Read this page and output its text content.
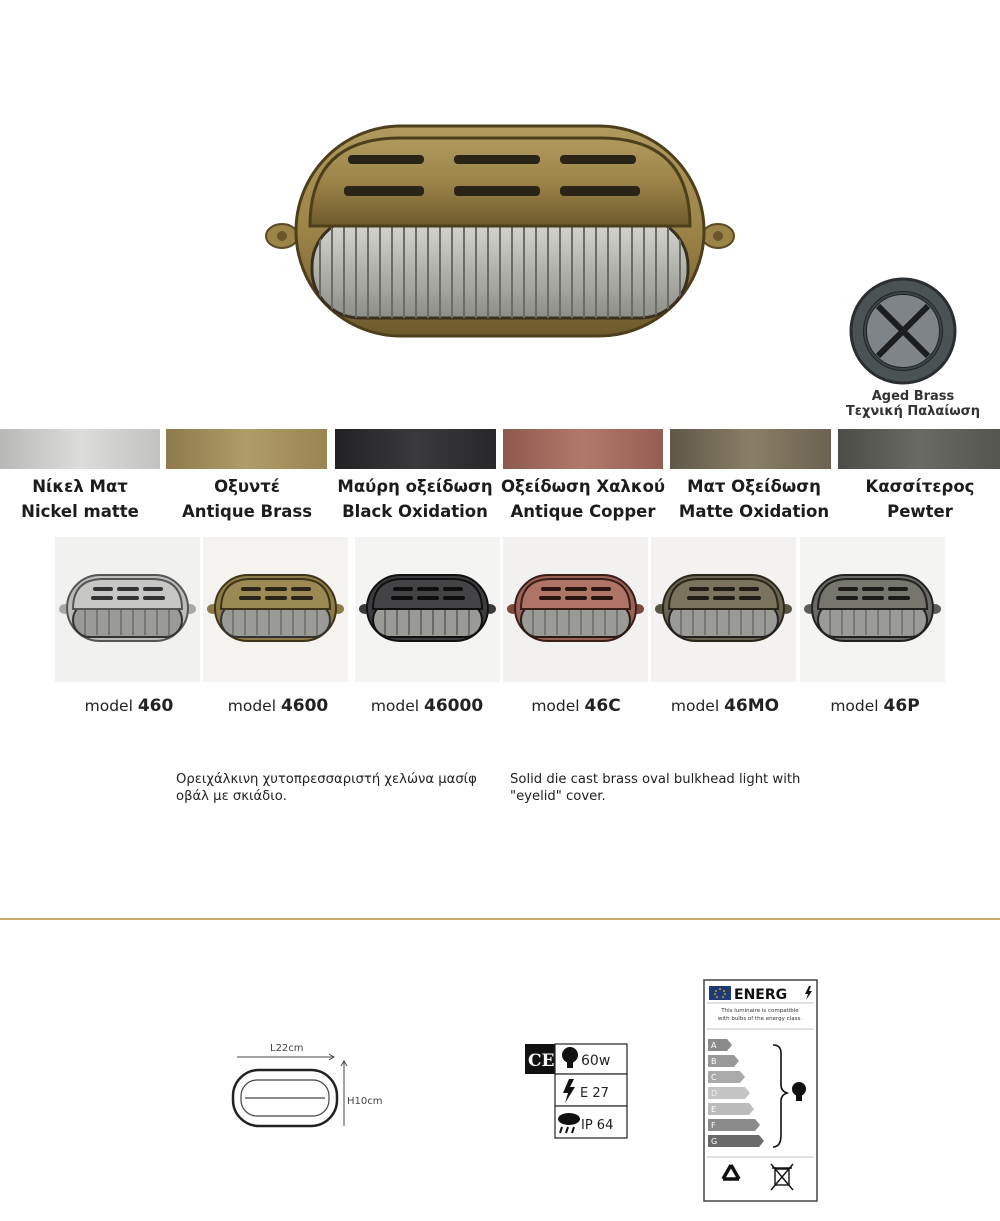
Aged Brass
Τεχνική Παλαίωση
Νίκελ Ματ
Nickel matte
Οξυντέ
Antique Brass
Μαύρη οξείδωση
Black Oxidation
Οξείδωση Χαλκού
Antique Copper
Ματ Οξείδωση
Matte Oxidation
Κασσίτερος
Pewter
model 460	model 4600	model 46000	model 46C	model 46MO	model 46P
Ορειχάλκινη χυτοπρεσσαριστή χελώνα μασίφ
οβάλ με σκιάδιο.
Solid die cast brass oval bulkhead light with
"eyelid" cover.
L22cm
H10cm
CE 60w
E 27
IP 64
ENERG
This luminaire is compatible
with bulbs of the energy class.
A
B
C
D
E
F
G
